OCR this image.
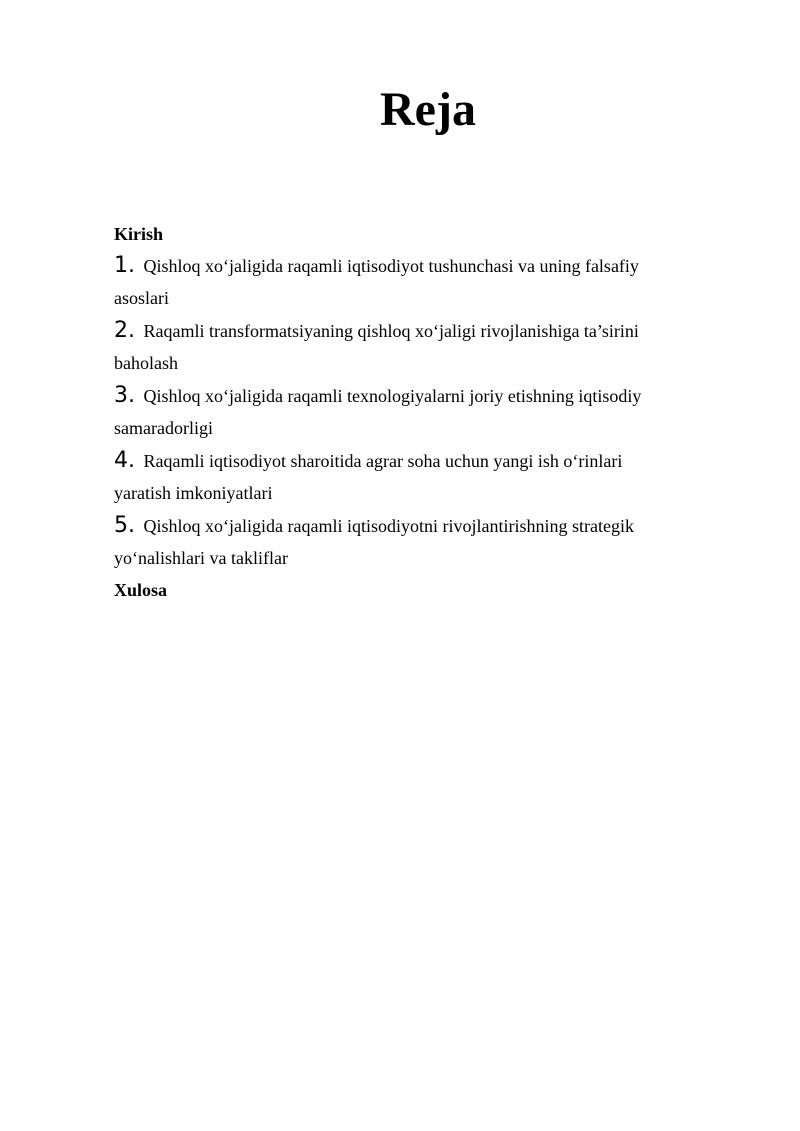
Reja

Kirish

1. Qishloq xo‘jaligida raqamli iqtisodiyot tushunchasi va uning falsafiy asoslari

2. Raqamli transformatsiyaning qishloq xo‘jaligi rivojlanishiga ta’sirini baholash

3. Qishloq xo‘jaligida raqamli texnologiyalarni joriy etishning iqtisodiy samaradorligi

4. Raqamli iqtisodiyot sharoitida agrar soha uchun yangi ish o‘rinlari yaratish imkoniyatlari

5. Qishloq xo‘jaligida raqamli iqtisodiyotni rivojlantirishning strategik yo‘nalishlari va takliflar

Xulosa
